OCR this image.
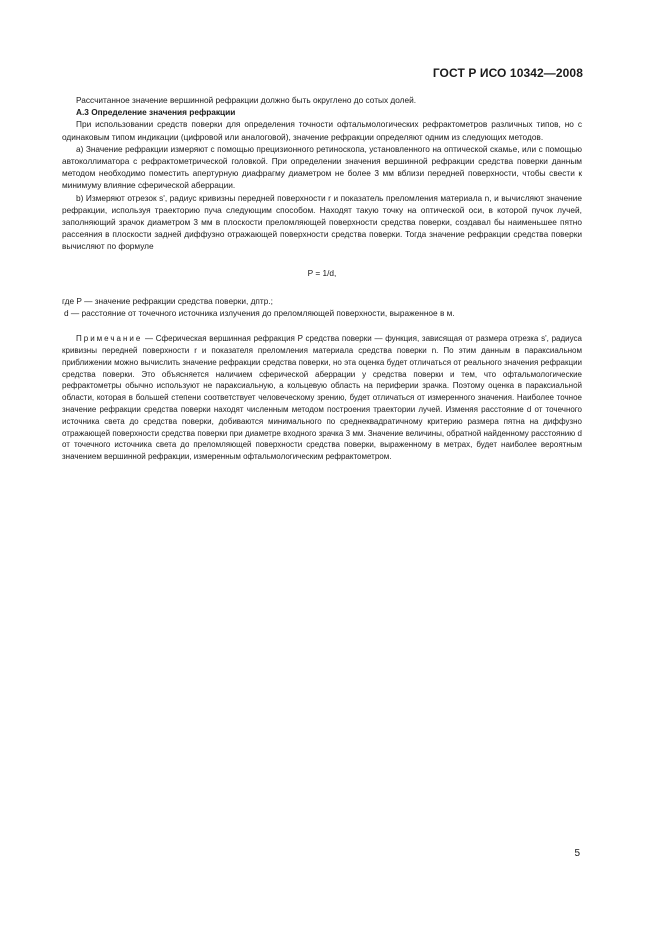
ГОСТ Р ИСО 10342—2008

Рассчитанное значение вершинной рефракции должно быть округлено до сотых долей.

А.3 Определение значения рефракции

При использовании средств поверки для определения точности офтальмологических рефрактометров различных типов, но с одинаковым типом индикации (цифровой или аналоговой), значение рефракции определяют одним из следующих методов.

a) Значение рефракции измеряют с помощью прецизионного ретиноскопа, установленного на оптической скамье, или с помощью автоколлиматора с рефрактометрической головкой. При определении значения вершинной рефракции средства поверки данным методом необходимо поместить апертурную диафрагму диаметром не более 3 мм вблизи передней поверхности, чтобы свести к минимуму влияние сферической аберрации.

b) Измеряют отрезок s', радиус кривизны передней поверхности r и показатель преломления материала n, и вычисляют значение рефракции, используя траекторию пуча следующим способом. Находят такую точку на оптической оси, в которой пучок лучей, заполняющий зрачок диаметром 3 мм в плоскости преломляющей поверхности средства поверки, создавал бы наименьшее пятно рассеяния в плоскости задней диффузно отражающей поверхности средства поверки. Тогда значение рефракции средства поверки вычисляют по формуле

P = 1/d,

где P — значение рефракции средства поверки, дптр.;

d — расстояние от точечного источника излучения до преломляющей поверхности, выраженное в м.

Примечание — Сферическая вершинная рефракция P средства поверки — функция, зависящая от размера отрезка s', радиуса кривизны передней поверхности r и показателя преломления материала средства поверки n. По этим данным в параксиальном приближении можно вычислить значение рефракции средства поверки, но эта оценка будет отличаться от реального значения рефракции средства поверки. Это объясняется наличием сферической аберрации у средства поверки и тем, что офтальмологические рефрактометры обычно используют не параксиальную, а кольцевую область на периферии зрачка. Поэтому оценка в параксиальной области, которая в большей степени соответствует человеческому зрению, будет отличаться от измеренного значения. Наиболее точное значение рефракции средства поверки находят численным методом построения траектории лучей. Изменяя расстояние d от точечного источника света до средства поверки, добиваются минимального по среднеквадратичному критерию размера пятна на диффузно отражающей поверхности средства поверки при диаметре входного зрачка 3 мм. Значение величины, обратной найденному расстоянию d от точечного источника света до преломляющей поверхности средства поверки, выраженному в метрах, будет наиболее вероятным значением вершинной рефракции, измеренным офтальмологическим рефрактометром.

5
